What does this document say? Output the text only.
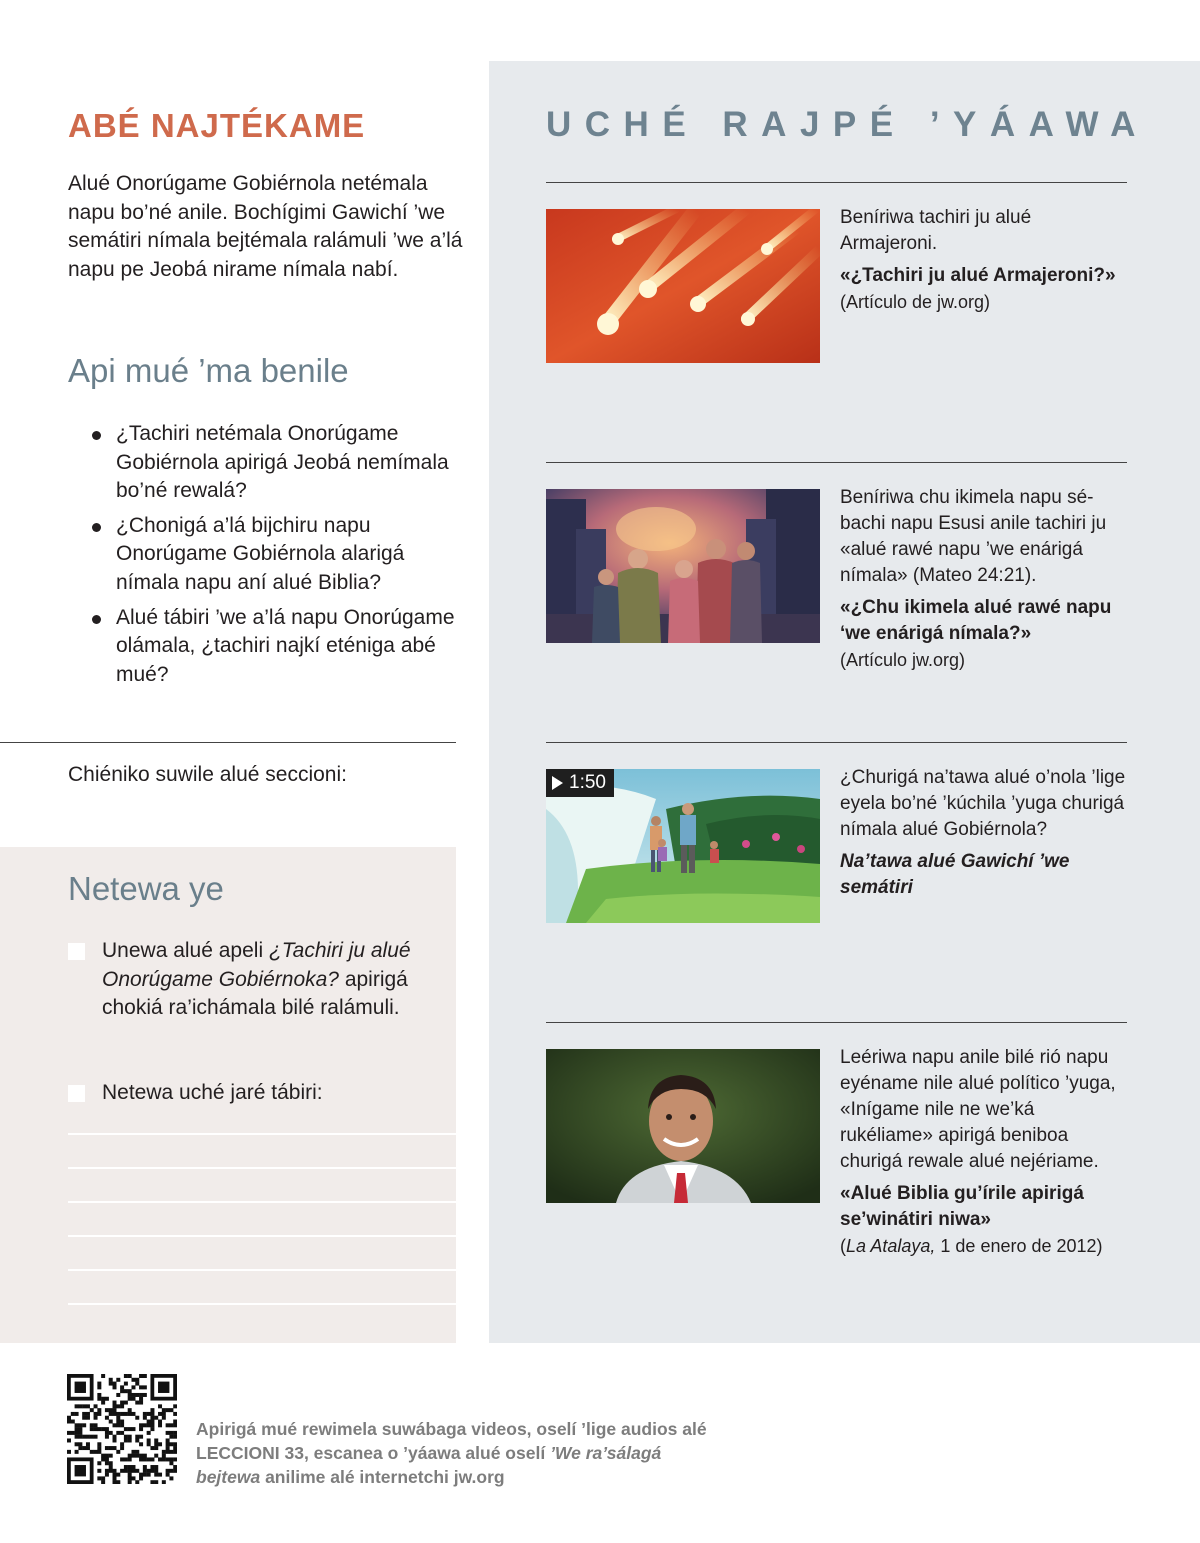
ABÉ NAJTÉKAME

Alué Onorúgame Gobiérnola netémala napu bo’né anile. Bochígimi Gawichí ’we semátiri nímala bejtémala ralámuli ’we a’lá napu pe Jeobá nirame nímala nabí.

Api mué ’ma benile
¿Tachiri netémala Onorúgame Gobiérnola apirigá Jeobá nemímala bo’né rewalá?
¿Chonigá a’lá bijchiru napu Onorúgame Gobiérnola alarigá nímala napu aní alué Biblia?
Alué tábiri ’we a’lá napu Onorúgame olámala, ¿tachiri najkí eténiga abé mué?
Chiéniko suwile alué seccioni:
Netewa ye

Unewa alué apeli ¿Tachiri ju alué Onorúgame Gobiérnoka? apirigá chokiá ra’ichámala bilé ralámuli.

Netewa uché jaré tábiri:

UCHÉ RAJPÉ ’YÁAWA
Beníriwa tachiri ju alué Armajeroni.
«¿Tachiri ju alué Armajeroni?»
(Artículo de jw.org)
Beníriwa chu ikimela napu sébachi napu Esusi anile tachiri ju «alué rawé napu ’we enárigá nímala» (Mateo 24:21).
«¿Chu ikimela alué rawé napu ‘we enárigá nímala?»
(Artículo jw.org)
1:50	¿Churigá na’tawa alué o’nola ’lige eyela bo’né ’kúchila ’yuga churigá nímala alué Gobiérnola?
Na’tawa alué Gawichí ’we semátiri
Leériwa napu anile bilé rió napu eyéname nile alué político ’yuga, «Inígame nile ne we’ká rukéliame» apirigá beniboa churigá rewale alué nejériame.
«Alué Biblia gu’írile apirigá se’winátiri niwa»
(La Atalaya, 1 de enero de 2012)

Apirigá mué rewimela suwábaga videos, oselí ’lige audios alé LECCIONI 33, escanea o ’yáawa alué oselí ’We ra’sálagá bejtewa anilime alé internetchi jw.org
